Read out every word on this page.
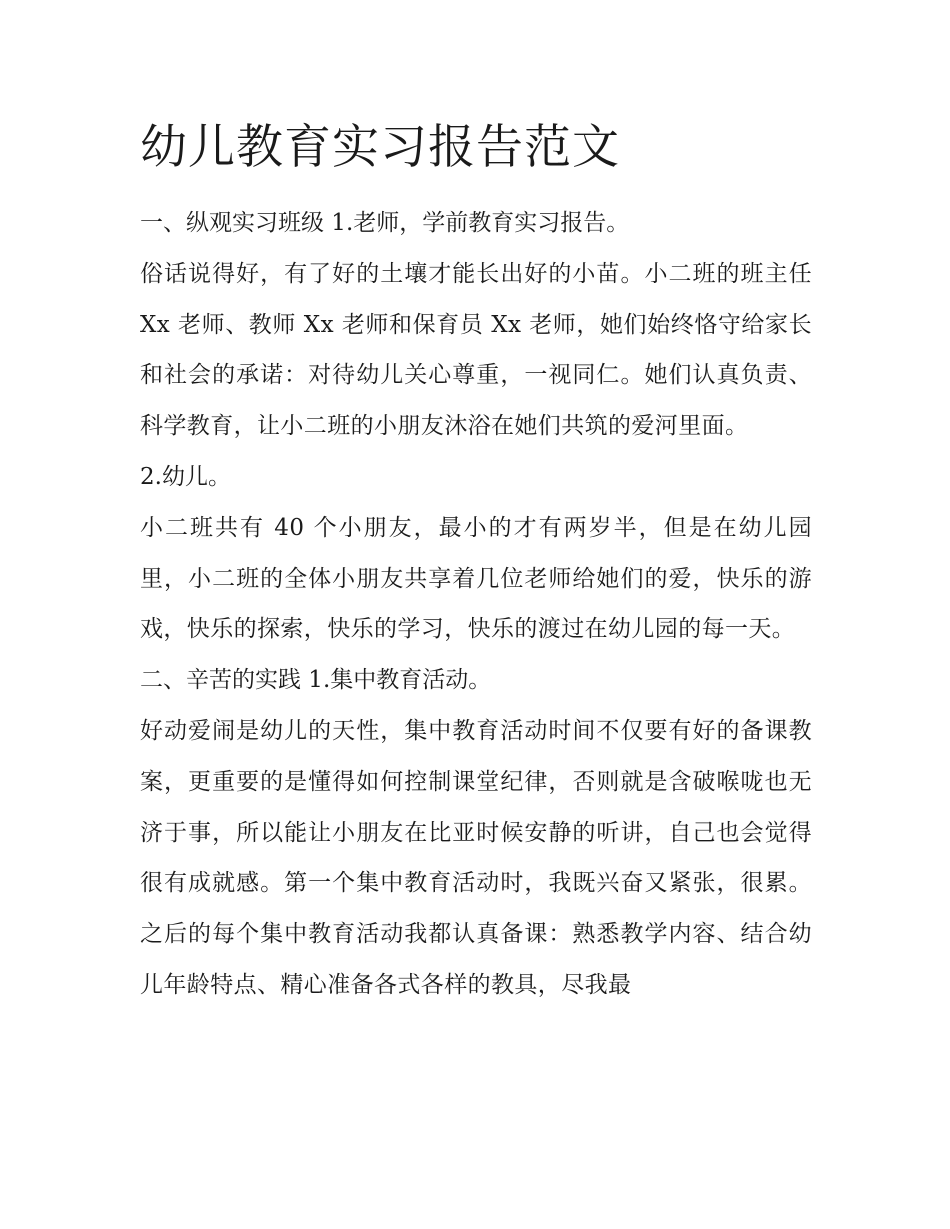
幼儿教育实习报告范文

一、纵观实习班级 1.老师，学前教育实习报告。

俗话说得好，有了好的土壤才能长出好的小苗。小二班的班主任 Xx 老师、教师 Xx 老师和保育员 Xx 老师，她们始终恪守给家长和社会的承诺：对待幼儿关心尊重，一视同仁。她们认真负责、科学教育，让小二班的小朋友沐浴在她们共筑的爱河里面。

2.幼儿。

小二班共有 40 个小朋友，最小的才有两岁半，但是在幼儿园里，小二班的全体小朋友共享着几位老师给她们的爱，快乐的游戏，快乐的探索，快乐的学习，快乐的渡过在幼儿园的每一天。

二、辛苦的实践 1.集中教育活动。

好动爱闹是幼儿的天性，集中教育活动时间不仅要有好的备课教案，更重要的是懂得如何控制课堂纪律，否则就是含破喉咙也无济于事，所以能让小朋友在比亚时候安静的听讲，自己也会觉得很有成就感。第一个集中教育活动时，我既兴奋又紧张，很累。之后的每个集中教育活动我都认真备课：熟悉教学内容、结合幼儿年龄特点、精心准备各式各样的教具，尽我最
